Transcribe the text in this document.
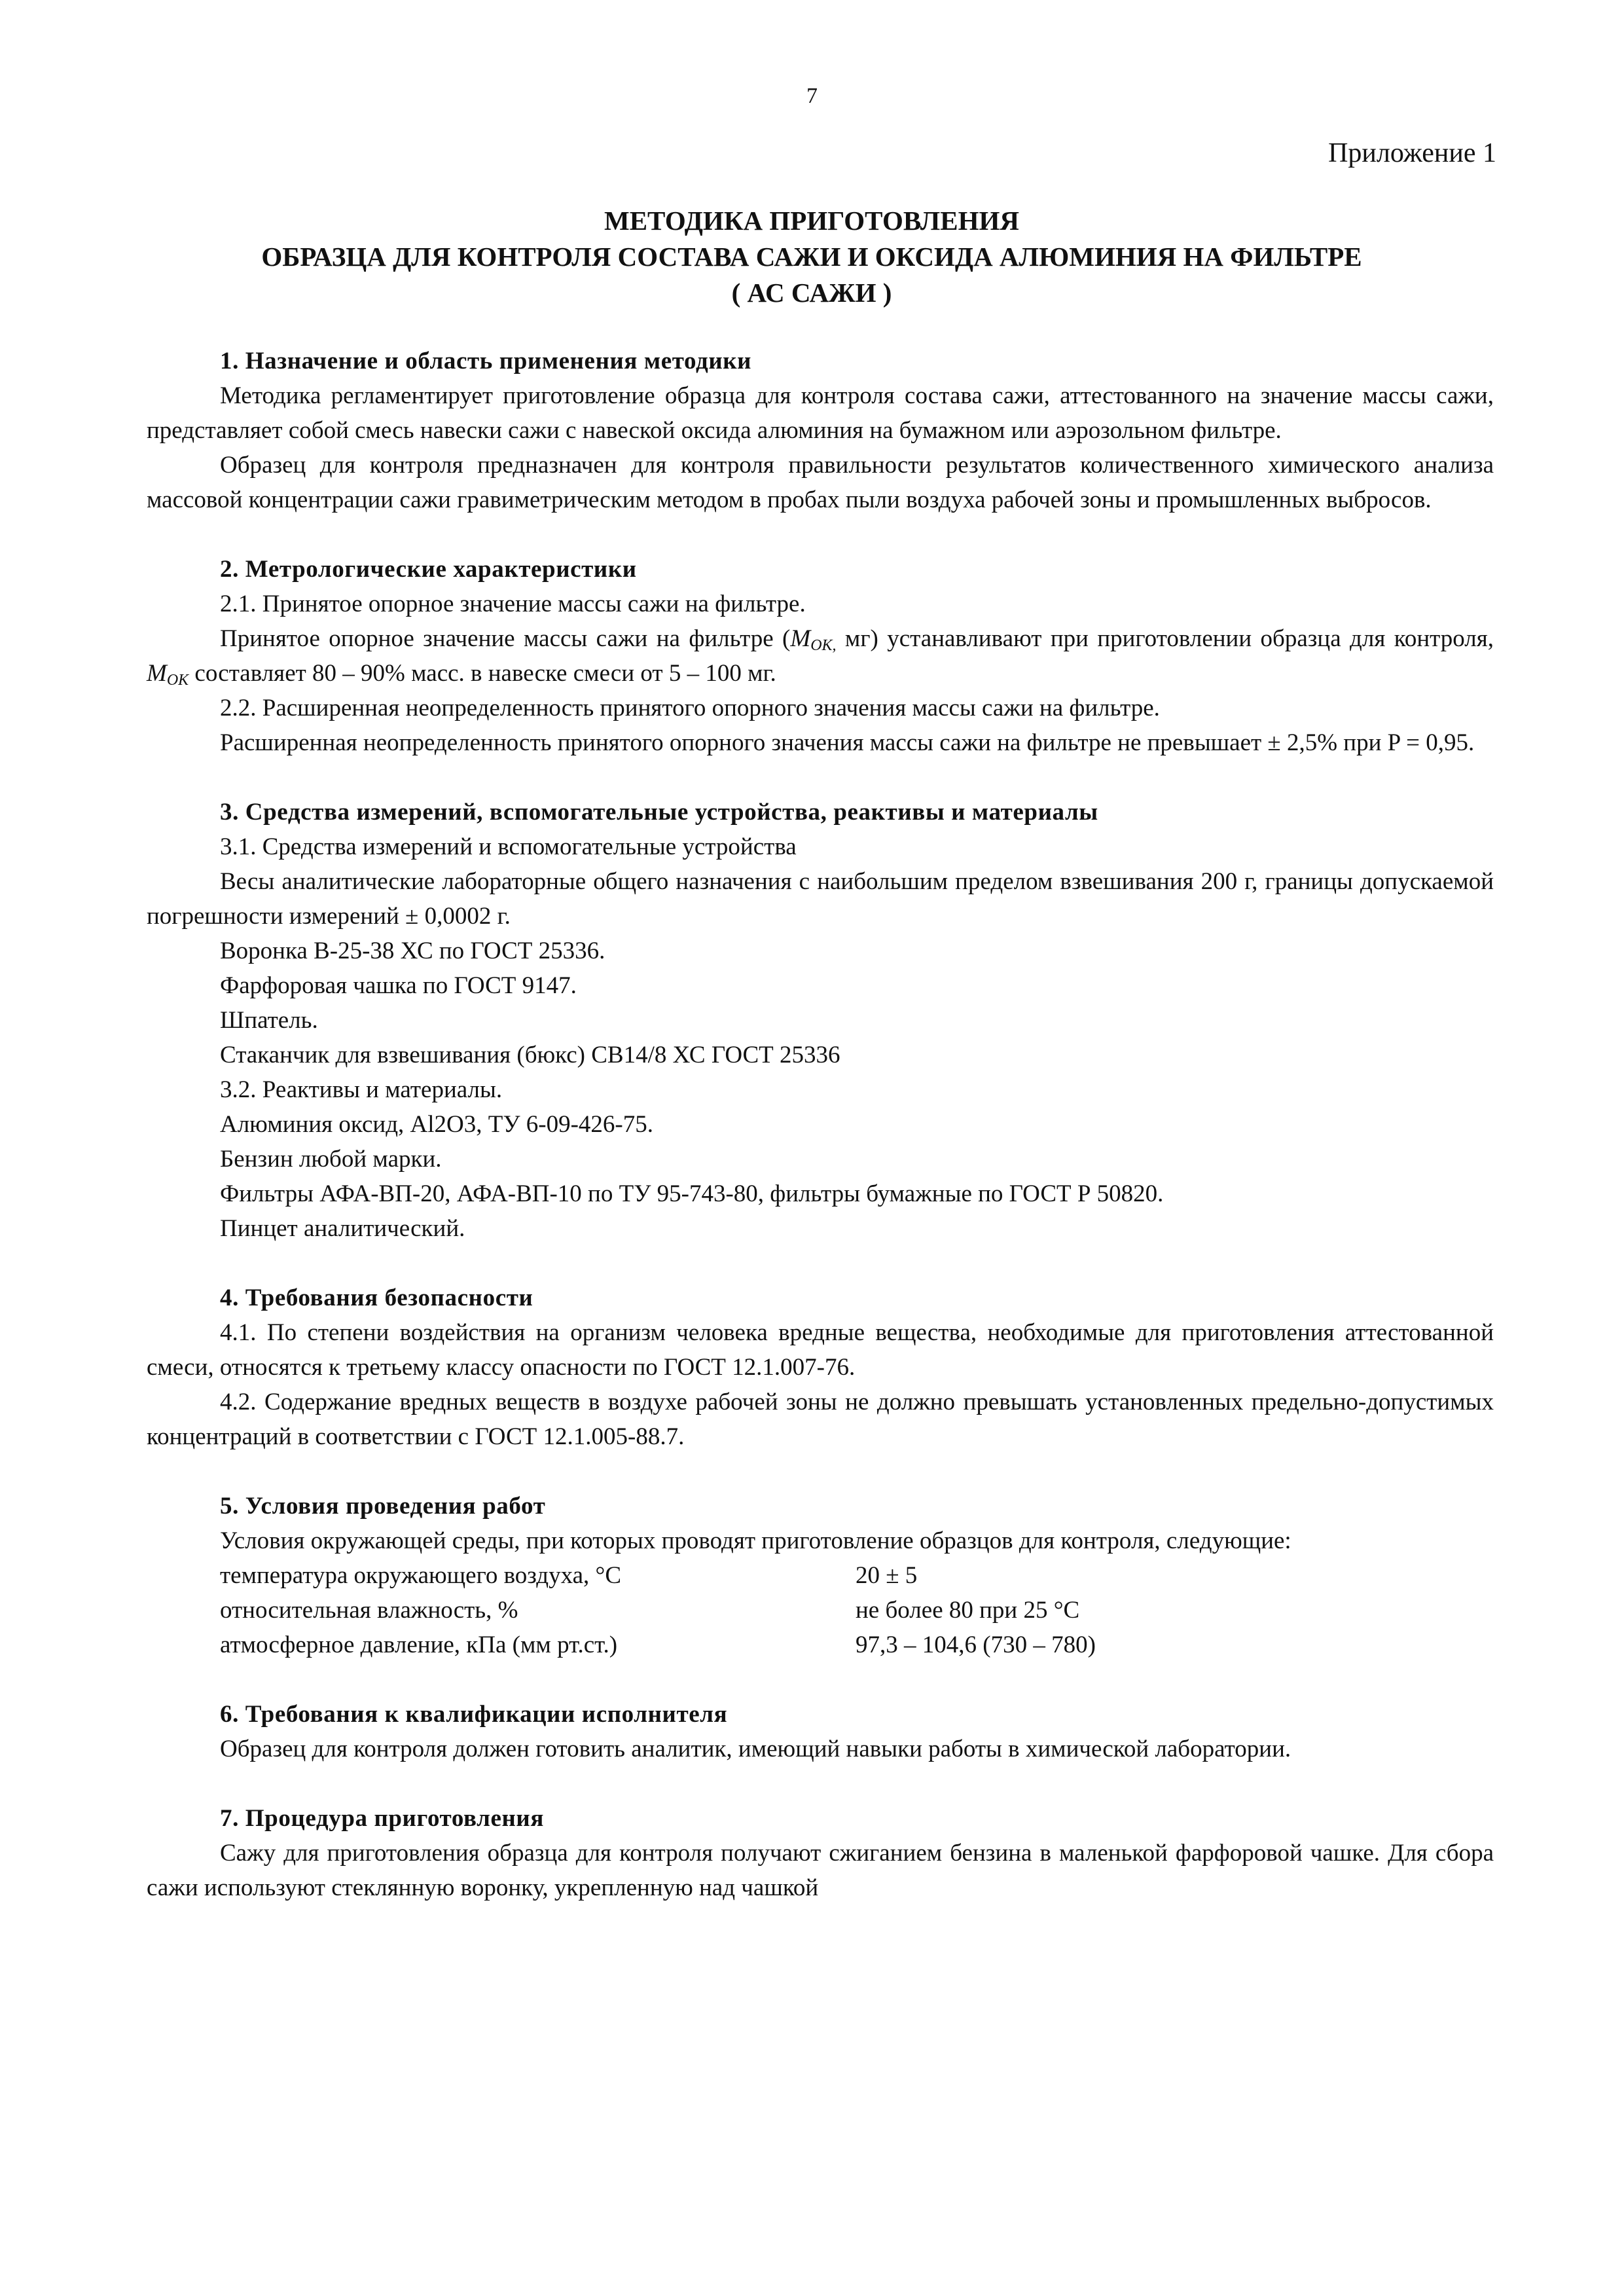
7
Приложение 1
МЕТОДИКА ПРИГОТОВЛЕНИЯ
ОБРАЗЦА ДЛЯ КОНТРОЛЯ СОСТАВА САЖИ И ОКСИДА АЛЮМИНИЯ НА ФИЛЬТРЕ
( АС САЖИ )
1. Назначение и область применения методики
Методика регламентирует приготовление образца для контроля состава сажи, аттестованного на значение массы сажи, представляет собой смесь навески сажи с навеской оксида алюминия на бумажном или аэрозольном фильтре.
Образец для контроля предназначен для контроля правильности результатов количественного химического анализа массовой концентрации сажи гравиметрическим методом в пробах пыли воздуха рабочей зоны и промышленных выбросов.
2. Метрологические характеристики
2.1. Принятое опорное значение массы сажи на фильтре.
Принятое опорное значение массы сажи на фильтре ($M_{OK,}$ мг) устанавливают при приготовлении образца для контроля, $M_{OK}$ составляет 80 – 90% масс. в навеске смеси от 5 – 100 мг.
2.2. Расширенная неопределенность принятого опорного значения массы сажи на фильтре.
Расширенная неопределенность принятого опорного значения массы сажи на фильтре не превышает ± 2,5% при P = 0,95.
3. Средства измерений, вспомогательные устройства, реактивы и материалы
3.1. Средства измерений и вспомогательные устройства
Весы аналитические лабораторные общего назначения с наибольшим пределом взвешивания 200 г, границы допускаемой погрешности измерений ± 0,0002 г.
Воронка В-25-38 ХС по ГОСТ 25336.
Фарфоровая чашка по ГОСТ 9147.
Шпатель.
Стаканчик для взвешивания (бюкс) СВ14/8 ХС ГОСТ 25336
3.2. Реактивы и материалы.
Алюминия оксид, Al2O3, ТУ 6-09-426-75.
Бензин любой марки.
Фильтры АФА-ВП-20, АФА-ВП-10 по ТУ 95-743-80, фильтры бумажные по ГОСТ Р 50820.
Пинцет аналитический.
4. Требования безопасности
4.1. По степени воздействия на организм человека вредные вещества, необходимые для приготовления аттестованной смеси, относятся к третьему классу опасности по ГОСТ 12.1.007-76.
4.2. Содержание вредных веществ в воздухе рабочей зоны не должно превышать установленных предельно-допустимых концентраций в соответствии с ГОСТ 12.1.005-88.7.
5. Условия проведения работ
Условия окружающей среды, при которых проводят приготовление образцов для контроля, следующие:
температура окружающего воздуха, °С	20 ± 5
относительная влажность, %	не более 80 при 25 °С
атмосферное давление, кПа (мм рт.ст.)	97,3 – 104,6 (730 – 780)
6. Требования к квалификации исполнителя
Образец для контроля должен готовить аналитик, имеющий навыки работы в химической лаборатории.
7. Процедура приготовления
Сажу для приготовления образца для контроля получают сжиганием бензина в маленькой фарфоровой чашке. Для сбора сажи используют стеклянную воронку, укрепленную над чашкой
